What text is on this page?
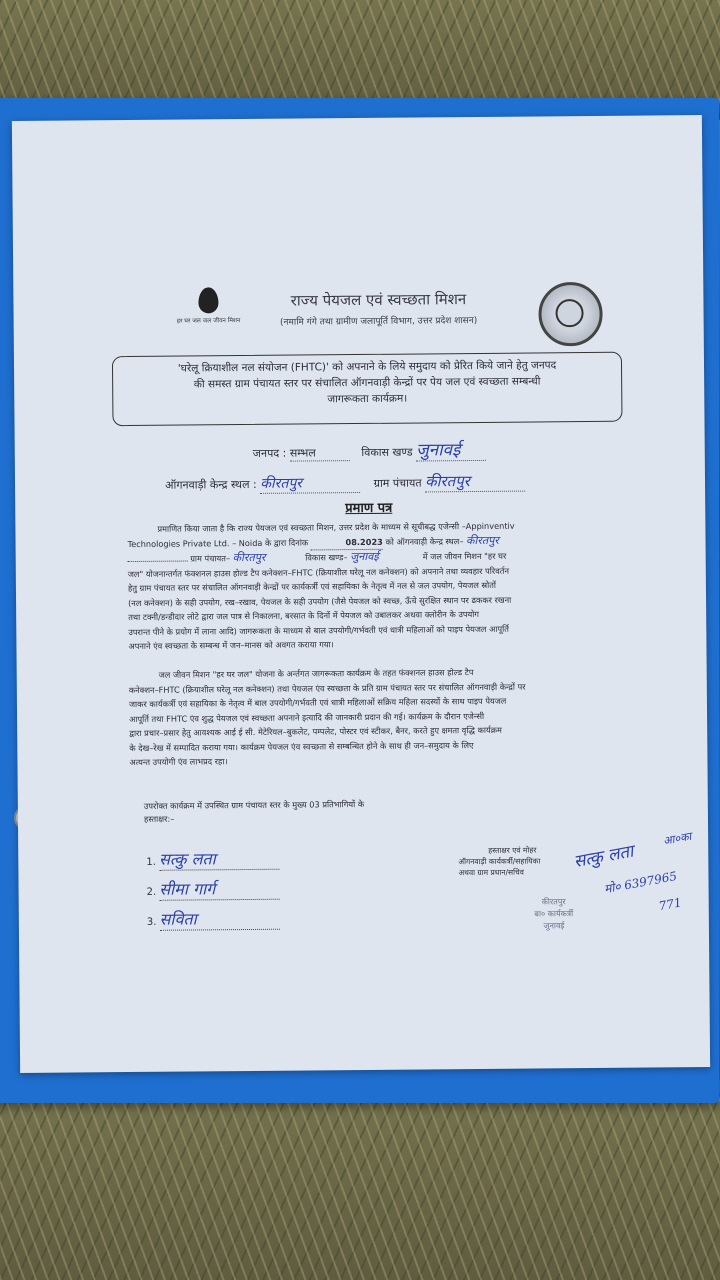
हर घर जल जल जीवन मिशन
राज्य पेयजल एवं स्वच्छता मिशन
(नमामि गंगे तथा ग्रामीण जलापूर्ति विभाग, उत्तर प्रदेश शासन)
'घरेलू क्रियाशील नल संयोजन (FHTC)' को अपनाने के लिये समुदाय को प्रेरित किये जाने हेतु जनपद
की समस्त ग्राम पंचायत स्तर पर संचालित ऑगनवाड़ी केन्द्रों पर पेय जल एवं स्वच्छता सम्बन्धी
जागरूकता कार्यक्रम।
जनपद : सम्भल	विकास खण्ड जुनावई
ऑगनवाड़ी केन्द्र स्थल : कीरतपुर	ग्राम पंचायत कीरतपुर
प्रमाण पत्र
प्रमाणित किया जाता है कि राज्य पेयजल एवं स्वच्छता मिशन, उत्तर प्रदेश के माध्यम से सूचीबद्ध एजेन्सी –Appinventiv
Technologies Private Ltd. – Noida के द्वारा दिनांक	08.2023 को ऑगनवाड़ी केन्द्र स्थल– कीरतपुर
ग्राम पंचायत– कीरतपुर	विकास खण्ड– जुनावई	में जल जीवन मिशन "हर घर
जल" योजनान्तर्गत फंक्शनल हाउस होल्ड टैप कनेक्शन–FHTC (क्रियाशील घरेलू नल कनेक्शन) को अपनाने तथा व्यवहार परिवर्तन
हेतु ग्राम पंचायत स्तर पर संचालित ऑगनवाड़ी केन्द्रों पर कार्यकर्त्री एवं सहायिका के नेतृत्व में नल से जल उपयोग, पेयजल स्रोतों
(नल कनेक्शन) के सही उपयोग, रख–रखाव, पेयजल के सही उपयोग (जैसे पेयजल को स्वच्छ, ऊँचे सुरक्षित स्थान पर ढककर रखना
तथा टक्नी/डन्डीदार लोटे द्वारा जल पात्र से निकालना, बरसात के दिनों में पेयजल को उबालकर अथवा क्लोरीन के उपयोग
उपरान्त पीने के प्रयोग में लाना आदि) जागरूकता के माध्यम से बाल उपयोगी/गर्भवती एवं धात्री महिलाओं को पाइप पेयजल आपूर्ति
अपनाने एंव स्वच्छता के सम्बन्ध में जन–मानस को अवगत कराया गया।
जल जीवन मिशन "हर घर जल" योजना के अर्न्तगत जागरूकता कार्यक्रम के तहत फंक्शनल हाउस होल्ड टैप
कनेक्शन–FHTC (क्रियाशील घरेलू नल कनेक्शन) तथा पेयजल एंव स्वच्छता के प्रति ग्राम पंचायत स्तर पर संचालित ऑगनवाड़ी केन्द्रों पर
जाकर कार्यकर्त्री एवं सहायिका के नेतृत्व में बाल उपयोगी/गर्भवती एवं धात्री महिलाओं सक्रिय महिला सदस्यों के साथ पाइप पेयजल
आपूर्ति तथा FHTC एंव शुद्ध पेयजल एवं स्वच्छता अपनाने इत्यादि की जानकारी प्रदान की गई। कार्यक्रम के दौरान एजेन्सी
द्वारा प्रचार–प्रसार हेतु आवश्यक आई ई सी. मेटेरियल–बुकलेट, पम्पलेट, पोस्टर एवं स्टीकर, बैनर, करते हुए क्षमता वृद्धि कार्यक्रम
के देख–रेख में सम्पादित कराया गया। कार्यक्रम पेयजल एंव स्वच्छता से सम्बन्धित होने के साथ ही जन–समुदाय के लिए
अत्यन्त उपयोगी एंव लाभप्रद रहा।
उपरोक्त कार्यक्रम में उपस्थित ग्राम पंचायत स्तर के मुख्य 03 प्रतिभागियों के
हस्ताक्षर:–
1. सत्कु लता
2. सीमा गार्ग
3. सविता
हस्ताक्षर एवं मोहर
ऑगनवाड़ी कार्यकर्त्री/सहायिका
अथवा ग्राम प्रधान/सचिव
सत्कु लता
आ०का
मो० 6397965
771
कीरतपुर
बा० कार्यकर्त्री
जुनावई
